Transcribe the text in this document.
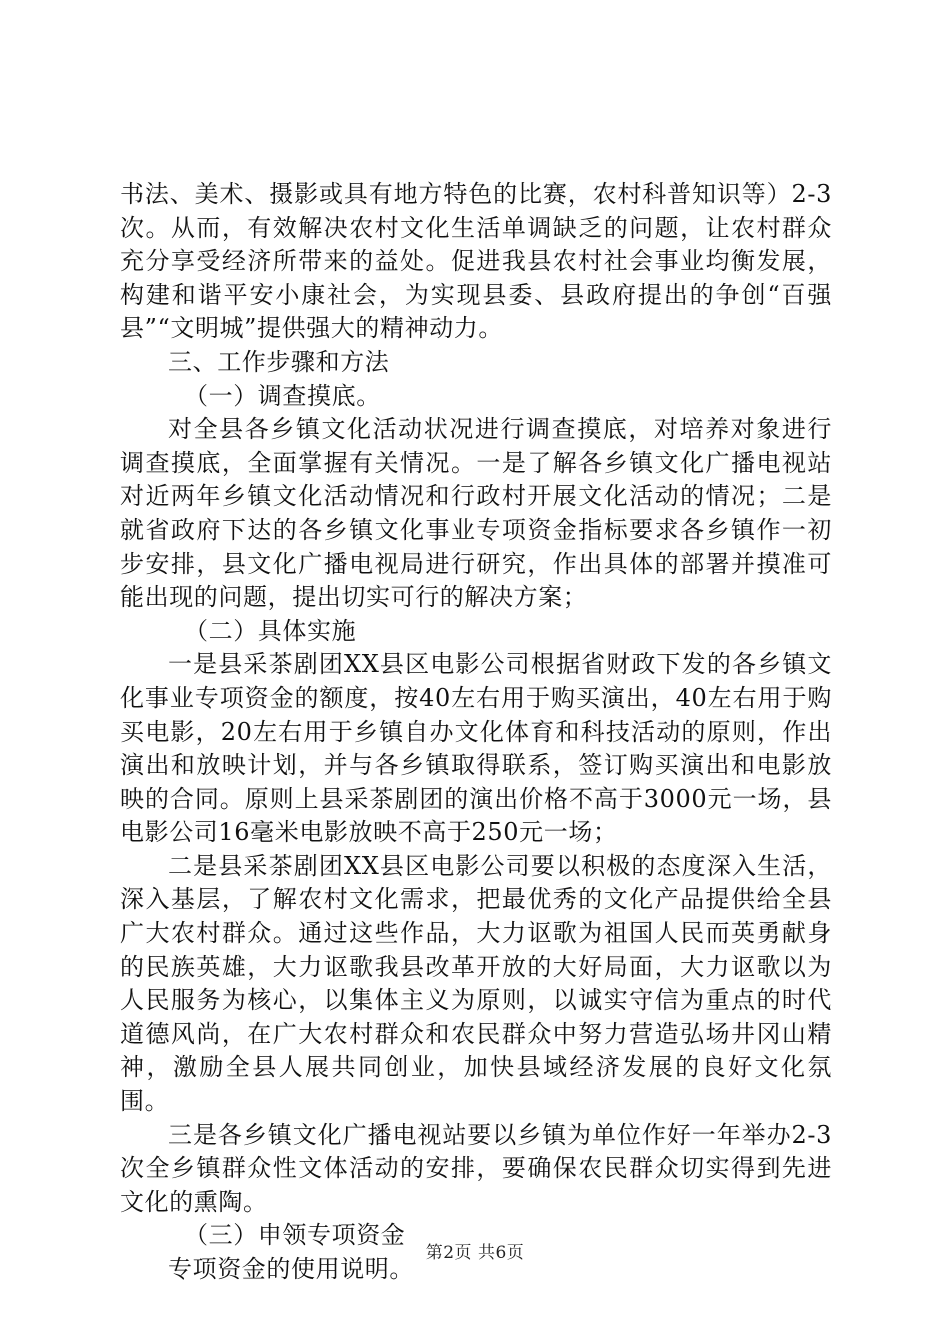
书法、美术、摄影或具有地方特色的比赛，农村科普知识等）2-3次。从而，有效解决农村文化生活单调缺乏的问题，让农村群众充分享受经济所带来的益处。促进我县农村社会事业均衡发展，构建和谐平安小康社会，为实现县委、县政府提出的争创“百强县”“文明城”提供强大的精神动力。

三、工作步骤和方法

（一）调查摸底。

对全县各乡镇文化活动状况进行调查摸底，对培养对象进行调查摸底，全面掌握有关情况。一是了解各乡镇文化广播电视站对近两年乡镇文化活动情况和行政村开展文化活动的情况；二是就省政府下达的各乡镇文化事业专项资金指标要求各乡镇作一初步安排，县文化广播电视局进行研究，作出具体的部署并摸准可能出现的问题，提出切实可行的解决方案；

（二）具体实施

一是县采茶剧团XX县区电影公司根据省财政下发的各乡镇文化事业专项资金的额度，按40左右用于购买演出，40左右用于购买电影，20左右用于乡镇自办文化体育和科技活动的原则，作出演出和放映计划，并与各乡镇取得联系，签订购买演出和电影放映的合同。原则上县采茶剧团的演出价格不高于3000元一场，县电影公司16毫米电影放映不高于250元一场；

二是县采茶剧团XX县区电影公司要以积极的态度深入生活，深入基层，了解农村文化需求，把最优秀的文化产品提供给全县广大农村群众。通过这些作品，大力讴歌为祖国人民而英勇献身的民族英雄，大力讴歌我县改革开放的大好局面，大力讴歌以为人民服务为核心，以集体主义为原则，以诚实守信为重点的时代道德风尚，在广大农村群众和农民群众中努力营造弘场井冈山精神，激励全县人展共同创业，加快县域经济发展的良好文化氛围。

三是各乡镇文化广播电视站要以乡镇为单位作好一年举办2-3次全乡镇群众性文体活动的安排，要确保农民群众切实得到先进文化的熏陶。

（三）申领专项资金

专项资金的使用说明。

第2页 共6页
